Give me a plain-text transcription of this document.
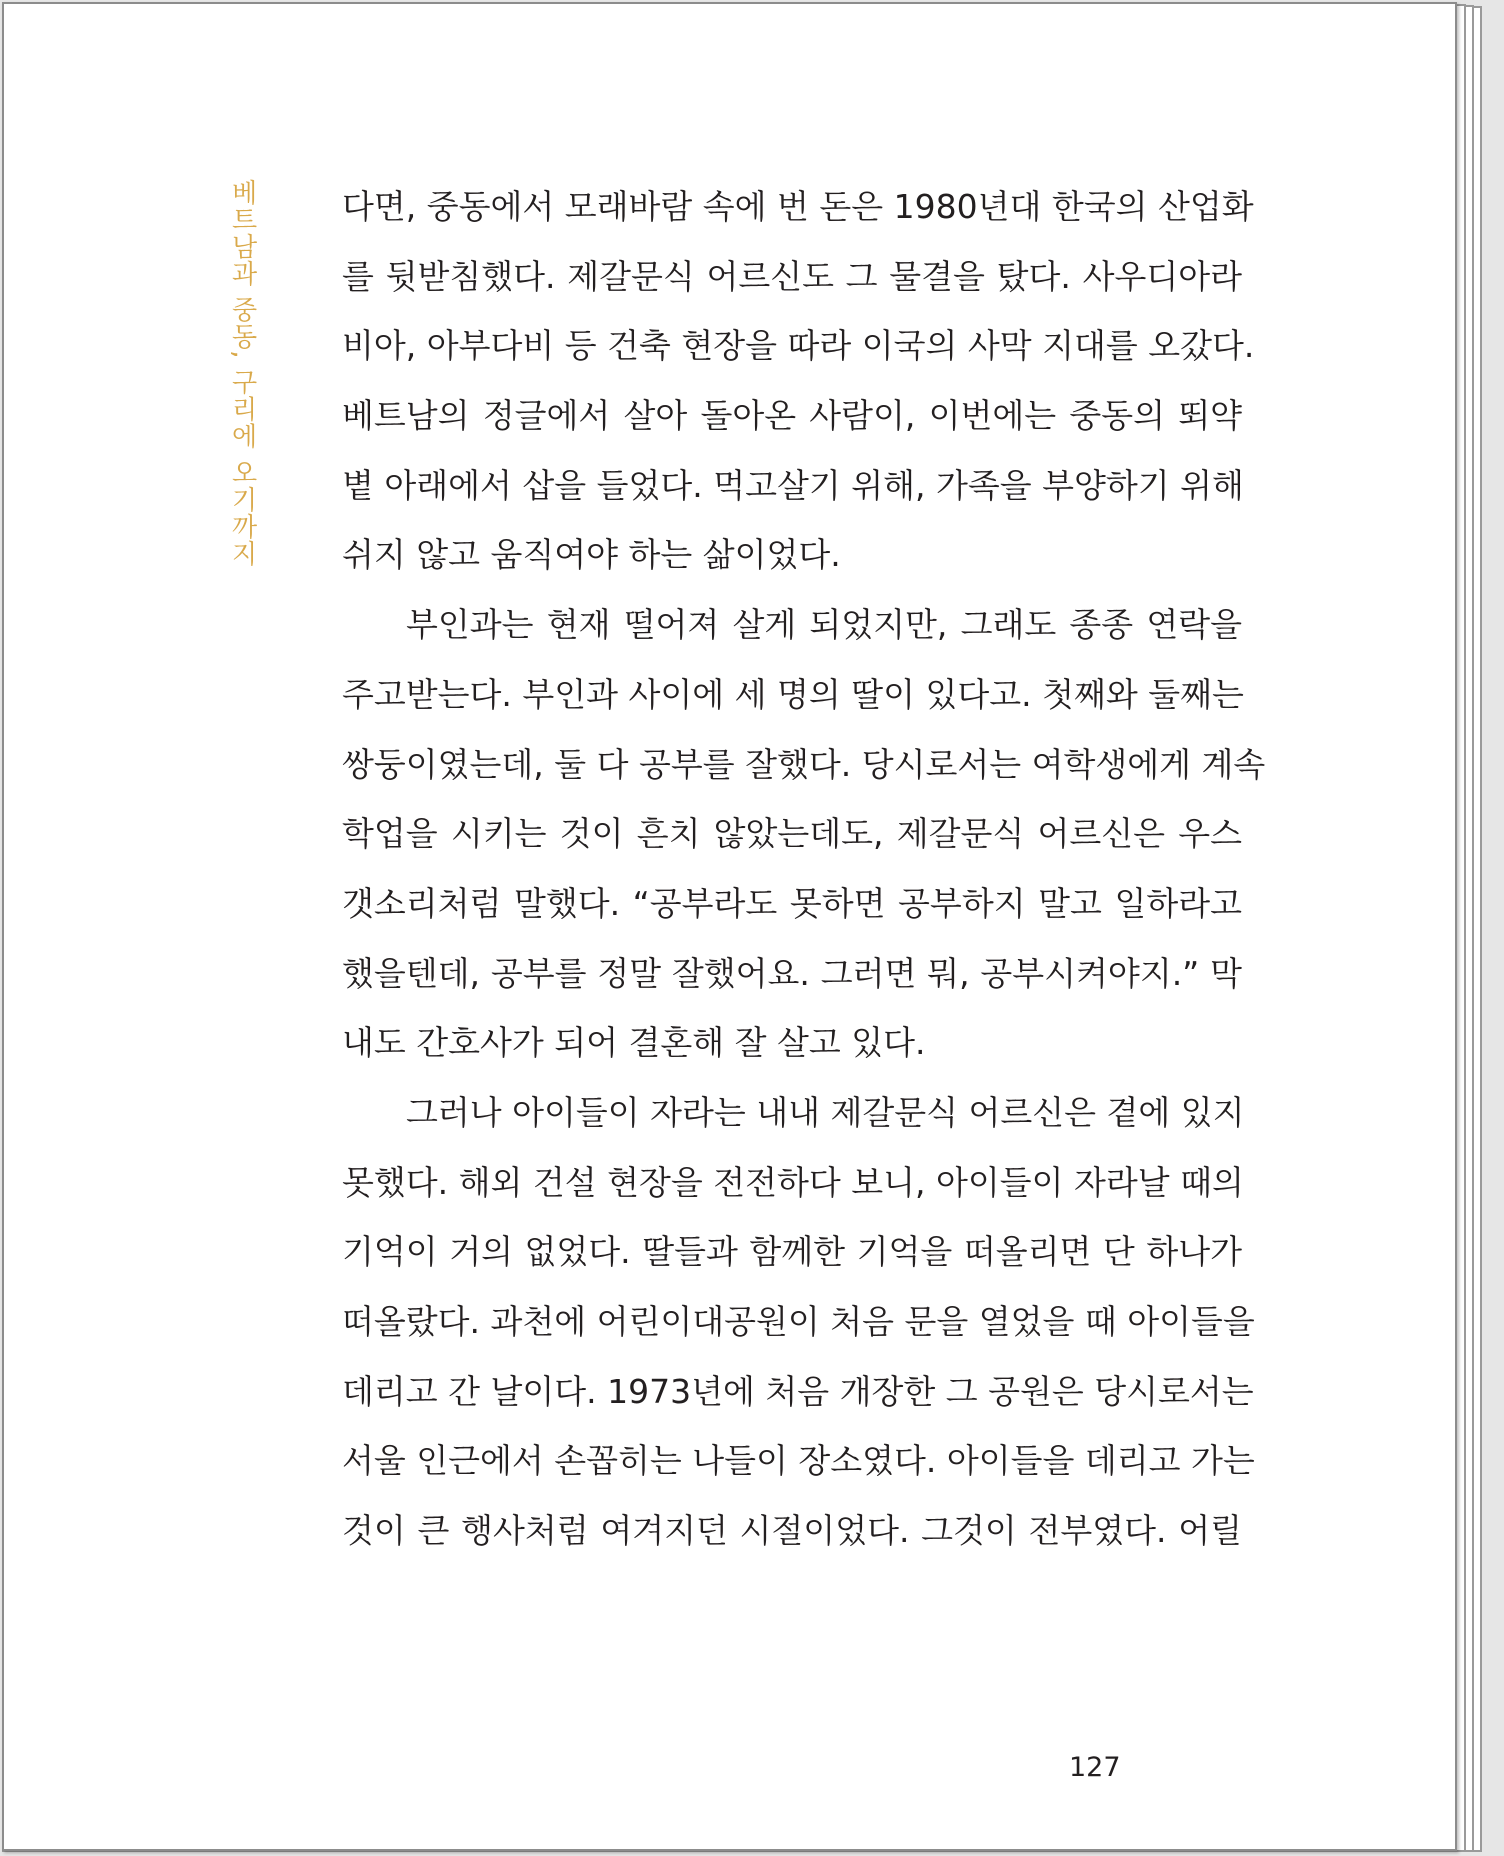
베트남과 중동, 구리에 오기까지	다면, 중동에서 모래바람 속에 번 돈은 1980년대 한국의 산업화
를 뒷받침했다. 제갈문식 어르신도 그 물결을 탔다. 사우디아라
비아, 아부다비 등 건축 현장을 따라 이국의 사막 지대를 오갔다.
베트남의 정글에서 살아 돌아온 사람이, 이번에는 중동의 뙤약
볕 아래에서 삽을 들었다. 먹고살기 위해, 가족을 부양하기 위해
쉬지 않고 움직여야 하는 삶이었다.
부인과는 현재 떨어져 살게 되었지만, 그래도 종종 연락을
주고받는다. 부인과 사이에 세 명의 딸이 있다고. 첫째와 둘째는
쌍둥이였는데, 둘 다 공부를 잘했다. 당시로서는 여학생에게 계속
학업을 시키는 것이 흔치 않았는데도, 제갈문식 어르신은 우스
갯소리처럼 말했다. “공부라도 못하면 공부하지 말고 일하라고
했을텐데, 공부를 정말 잘했어요. 그러면 뭐, 공부시켜야지.” 막
내도 간호사가 되어 결혼해 잘 살고 있다.
그러나 아이들이 자라는 내내 제갈문식 어르신은 곁에 있지
못했다. 해외 건설 현장을 전전하다 보니, 아이들이 자라날 때의
기억이 거의 없었다. 딸들과 함께한 기억을 떠올리면 단 하나가
떠올랐다. 과천에 어린이대공원이 처음 문을 열었을 때 아이들을
데리고 간 날이다. 1973년에 처음 개장한 그 공원은 당시로서는
서울 인근에서 손꼽히는 나들이 장소였다. 아이들을 데리고 가는
것이 큰 행사처럼 여겨지던 시절이었다. 그것이 전부였다. 어릴
127
